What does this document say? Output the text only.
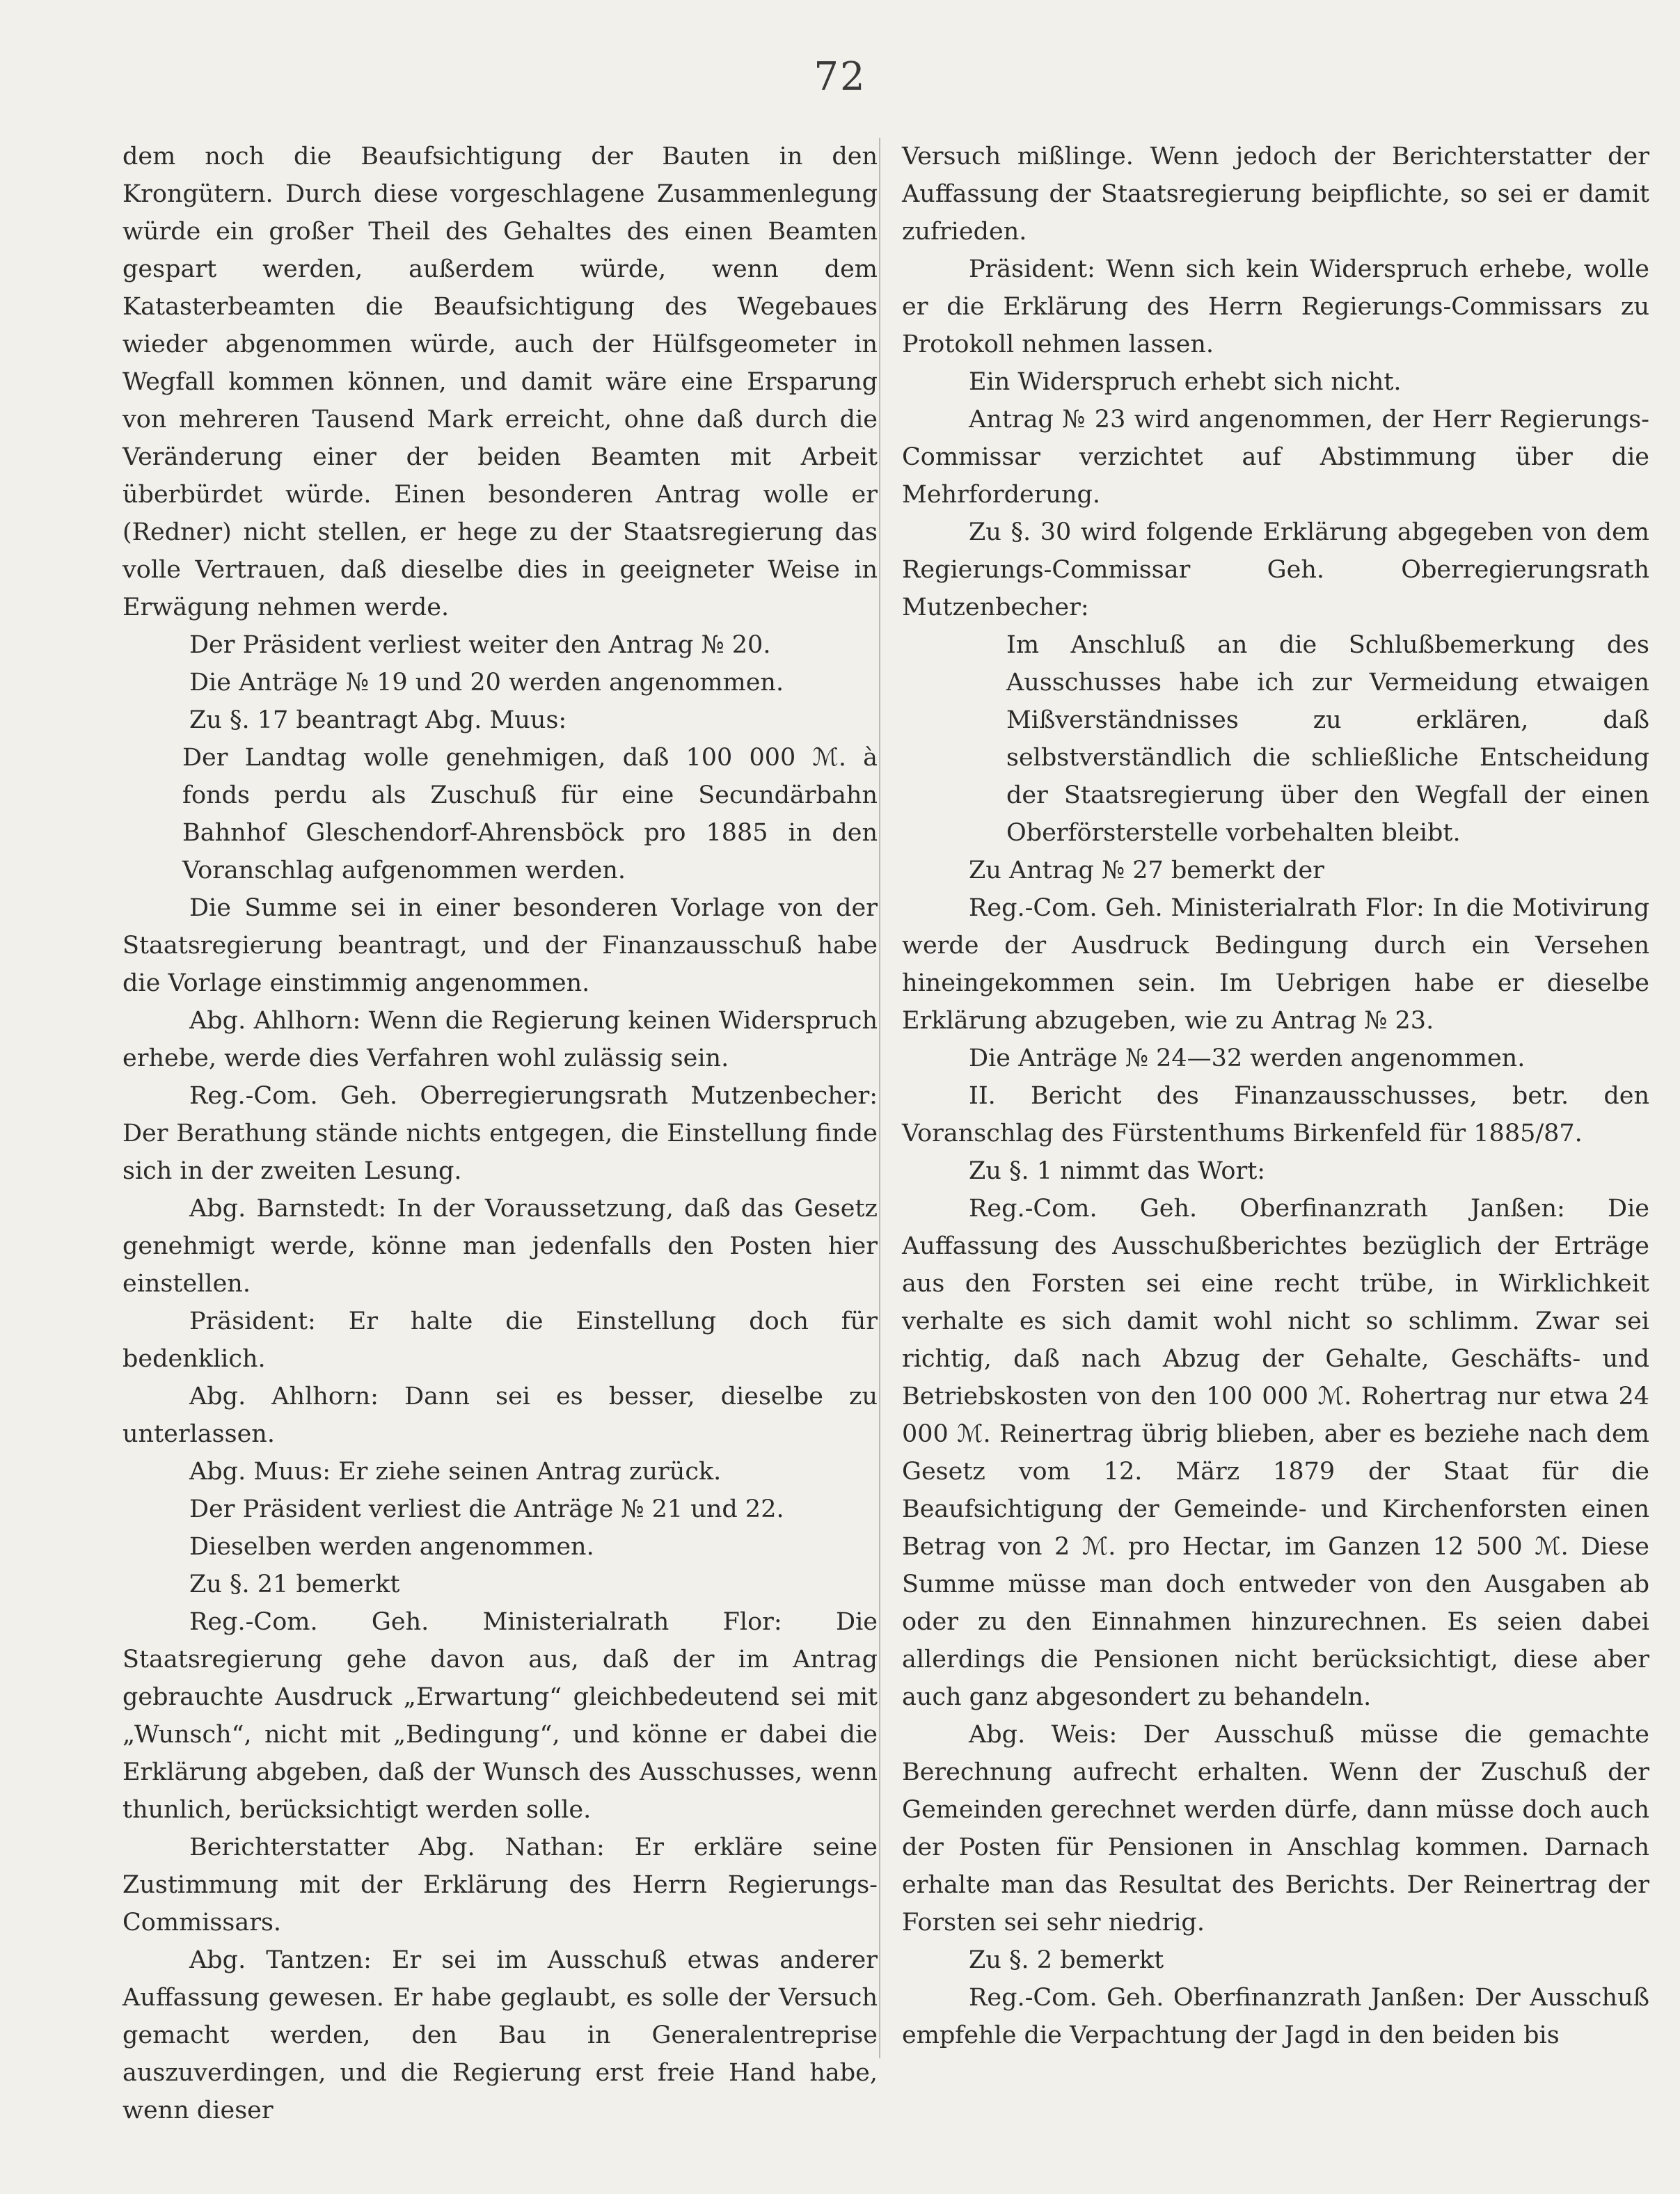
72

dem noch die Beaufsichtigung der Bauten in den Krongütern. Durch diese vorgeschlagene Zusammenlegung würde ein großer Theil des Gehaltes des einen Beamten gespart werden, außerdem würde, wenn dem Katasterbeamten die Beaufsichtigung des Wegebaues wieder abgenommen würde, auch der Hülfsgeometer in Wegfall kommen können, und damit wäre eine Ersparung von mehreren Tausend Mark erreicht, ohne daß durch die Veränderung einer der beiden Beamten mit Arbeit überbürdet würde. Einen besonderen Antrag wolle er (Redner) nicht stellen, er hege zu der Staatsregierung das volle Vertrauen, daß dieselbe dies in geeigneter Weise in Erwägung nehmen werde.

Der Präsident verliest weiter den Antrag № 20.

Die Anträge № 19 und 20 werden angenommen.

Zu §. 17 beantragt Abg. Muus:

Der Landtag wolle genehmigen, daß 100 000 ℳ. à fonds perdu als Zuschuß für eine Secundärbahn Bahnhof Gleschendorf-Ahrensböck pro 1885 in den Voranschlag aufgenommen werden.

Die Summe sei in einer besonderen Vorlage von der Staatsregierung beantragt, und der Finanzausschuß habe die Vorlage einstimmig angenommen.

Abg. Ahlhorn: Wenn die Regierung keinen Widerspruch erhebe, werde dies Verfahren wohl zulässig sein.

Reg.-Com. Geh. Oberregierungsrath Mutzenbecher: Der Berathung stände nichts entgegen, die Einstellung finde sich in der zweiten Lesung.

Abg. Barnstedt: In der Voraussetzung, daß das Gesetz genehmigt werde, könne man jedenfalls den Posten hier einstellen.

Präsident: Er halte die Einstellung doch für bedenklich.

Abg. Ahlhorn: Dann sei es besser, dieselbe zu unterlassen.

Abg. Muus: Er ziehe seinen Antrag zurück.

Der Präsident verliest die Anträge № 21 und 22.

Dieselben werden angenommen.

Zu §. 21 bemerkt

Reg.-Com. Geh. Ministerialrath Flor: Die Staatsregierung gehe davon aus, daß der im Antrag gebrauchte Ausdruck „Erwartung“ gleichbedeutend sei mit „Wunsch“, nicht mit „Bedingung“, und könne er dabei die Erklärung abgeben, daß der Wunsch des Ausschusses, wenn thunlich, berücksichtigt werden solle.

Berichterstatter Abg. Nathan: Er erkläre seine Zustimmung mit der Erklärung des Herrn Regierungs-Commissars.

Abg. Tantzen: Er sei im Ausschuß etwas anderer Auffassung gewesen. Er habe geglaubt, es solle der Versuch gemacht werden, den Bau in Generalentreprise auszuverdingen, und die Regierung erst freie Hand habe, wenn dieser

Versuch mißlinge. Wenn jedoch der Berichterstatter der Auffassung der Staatsregierung beipflichte, so sei er damit zufrieden.

Präsident: Wenn sich kein Widerspruch erhebe, wolle er die Erklärung des Herrn Regierungs-Commissars zu Protokoll nehmen lassen.

Ein Widerspruch erhebt sich nicht.

Antrag № 23 wird angenommen, der Herr Regierungs-Commissar verzichtet auf Abstimmung über die Mehrforderung.

Zu §. 30 wird folgende Erklärung abgegeben von dem Regierungs-Commissar Geh. Oberregierungsrath Mutzenbecher:

Im Anschluß an die Schlußbemerkung des Ausschusses habe ich zur Vermeidung etwaigen Mißverständnisses zu erklären, daß selbstverständlich die schließliche Entscheidung der Staatsregierung über den Wegfall der einen Oberförsterstelle vorbehalten bleibt.

Zu Antrag № 27 bemerkt der

Reg.-Com. Geh. Ministerialrath Flor: In die Motivirung werde der Ausdruck Bedingung durch ein Versehen hineingekommen sein. Im Uebrigen habe er dieselbe Erklärung abzugeben, wie zu Antrag № 23.

Die Anträge № 24—32 werden angenommen.

II. Bericht des Finanzausschusses, betr. den Voranschlag des Fürstenthums Birkenfeld für 1885/87.

Zu §. 1 nimmt das Wort:

Reg.-Com. Geh. Oberfinanzrath Janßen: Die Auffassung des Ausschußberichtes bezüglich der Erträge aus den Forsten sei eine recht trübe, in Wirklichkeit verhalte es sich damit wohl nicht so schlimm. Zwar sei richtig, daß nach Abzug der Gehalte, Geschäfts- und Betriebskosten von den 100 000 ℳ. Rohertrag nur etwa 24 000 ℳ. Reinertrag übrig blieben, aber es beziehe nach dem Gesetz vom 12. März 1879 der Staat für die Beaufsichtigung der Gemeinde- und Kirchenforsten einen Betrag von 2 ℳ. pro Hectar, im Ganzen 12 500 ℳ. Diese Summe müsse man doch entweder von den Ausgaben ab oder zu den Einnahmen hinzurechnen. Es seien dabei allerdings die Pensionen nicht berücksichtigt, diese aber auch ganz abgesondert zu behandeln.

Abg. Weis: Der Ausschuß müsse die gemachte Berechnung aufrecht erhalten. Wenn der Zuschuß der Gemeinden gerechnet werden dürfe, dann müsse doch auch der Posten für Pensionen in Anschlag kommen. Darnach erhalte man das Resultat des Berichts. Der Reinertrag der Forsten sei sehr niedrig.

Zu §. 2 bemerkt

Reg.-Com. Geh. Oberfinanzrath Janßen: Der Ausschuß empfehle die Verpachtung der Jagd in den beiden bis
